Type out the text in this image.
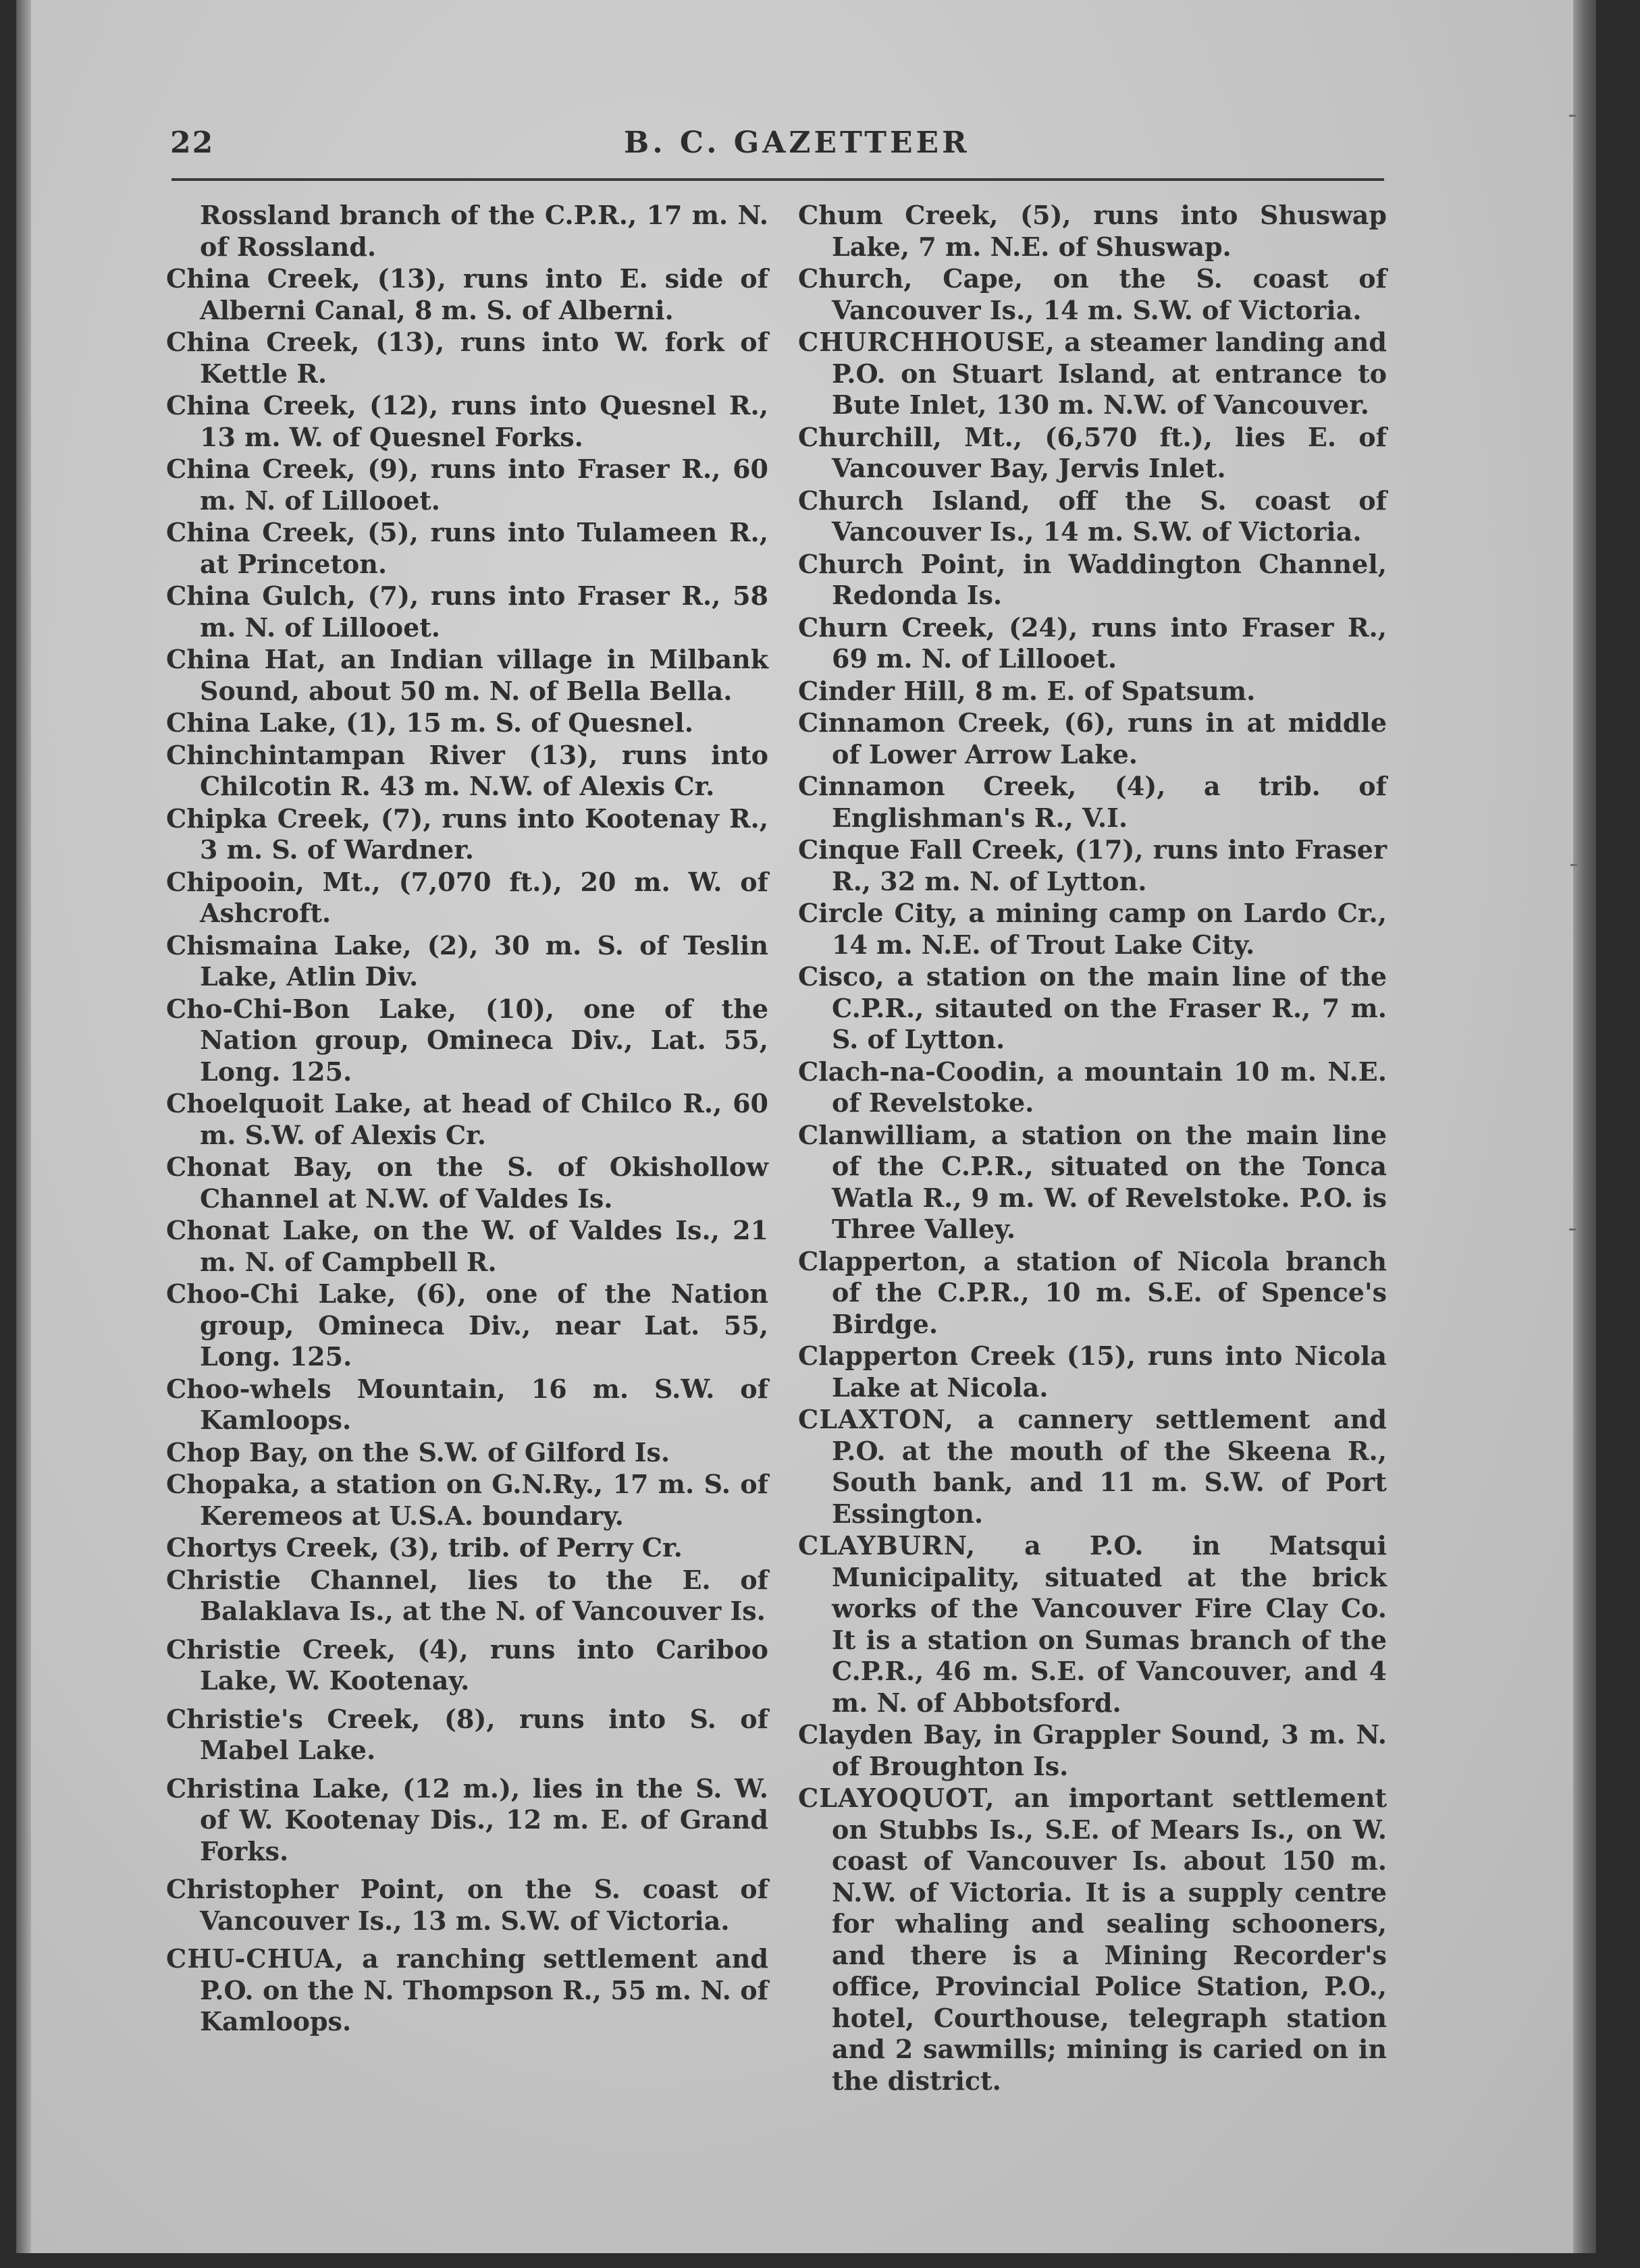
22	B. C. GAZETTEER

Rossland branch of the C.P.R., 17 m. N. of Rossland.

China Creek, (13), runs into E. side of Alberni Canal, 8 m. S. of Alberni.

China Creek, (13), runs into W. fork of Kettle R.

China Creek, (12), runs into Quesnel R., 13 m. W. of Quesnel Forks.

China Creek, (9), runs into Fraser R., 60 m. N. of Lillooet.

China Creek, (5), runs into Tulameen R., at Princeton.

China Gulch, (7), runs into Fraser R., 58 m. N. of Lillooet.

China Hat, an Indian village in Milbank Sound, about 50 m. N. of Bella Bella.

China Lake, (1), 15 m. S. of Quesnel.

Chinchintampan River (13), runs into Chilcotin R. 43 m. N.W. of Alexis Cr.

Chipka Creek, (7), runs into Kootenay R., 3 m. S. of Wardner.

Chipooin, Mt., (7,070 ft.), 20 m. W. of Ashcroft.

Chismaina Lake, (2), 30 m. S. of Teslin Lake, Atlin Div.

Cho-Chi-Bon Lake, (10), one of the Nation group, Omineca Div., Lat. 55, Long. 125.

Choelquoit Lake, at head of Chilco R., 60 m. S.W. of Alexis Cr.

Chonat Bay, on the S. of Okishollow Channel at N.W. of Valdes Is.

Chonat Lake, on the W. of Valdes Is., 21 m. N. of Campbell R.

Choo-Chi Lake, (6), one of the Nation group, Omineca Div., near Lat. 55, Long. 125.

Choo-whels Mountain, 16 m. S.W. of Kamloops.

Chop Bay, on the S.W. of Gilford Is.

Chopaka, a station on G.N.Ry., 17 m. S. of Keremeos at U.S.A. boundary.

Chortys Creek, (3), trib. of Perry Cr.

Christie Channel, lies to the E. of Balaklava Is., at the N. of Vancouver Is.

Christie Creek, (4), runs into Cariboo Lake, W. Kootenay.

Christie's Creek, (8), runs into S. of Mabel Lake.

Christina Lake, (12 m.), lies in the S. W. of W. Kootenay Dis., 12 m. E. of Grand Forks.

Christopher Point, on the S. coast of Vancouver Is., 13 m. S.W. of Victoria.

CHU-CHUA, a ranching settlement and P.O. on the N. Thompson R., 55 m. N. of Kamloops.

Chum Creek, (5), runs into Shuswap Lake, 7 m. N.E. of Shuswap.

Church, Cape, on the S. coast of Vancouver Is., 14 m. S.W. of Victoria.

CHURCHHOUSE, a steamer landing and P.O. on Stuart Island, at entrance to Bute Inlet, 130 m. N.W. of Vancouver.

Churchill, Mt., (6,570 ft.), lies E. of Vancouver Bay, Jervis Inlet.

Church Island, off the S. coast of Vancouver Is., 14 m. S.W. of Victoria.

Church Point, in Waddington Channel, Redonda Is.

Churn Creek, (24), runs into Fraser R., 69 m. N. of Lillooet.

Cinder Hill, 8 m. E. of Spatsum.

Cinnamon Creek, (6), runs in at middle of Lower Arrow Lake.

Cinnamon Creek, (4), a trib. of Englishman's R., V.I.

Cinque Fall Creek, (17), runs into Fraser R., 32 m. N. of Lytton.

Circle City, a mining camp on Lardo Cr., 14 m. N.E. of Trout Lake City.

Cisco, a station on the main line of the C.P.R., sitauted on the Fraser R., 7 m. S. of Lytton.

Clach-na-Coodin, a mountain 10 m. N.E. of Revelstoke.

Clanwilliam, a station on the main line of the C.P.R., situated on the Tonca Watla R., 9 m. W. of Revelstoke. P.O. is Three Valley.

Clapperton, a station of Nicola branch of the C.P.R., 10 m. S.E. of Spence's Birdge.

Clapperton Creek (15), runs into Nicola Lake at Nicola.

CLAXTON, a cannery settlement and P.O. at the mouth of the Skeena R., South bank, and 11 m. S.W. of Port Essington.

CLAYBURN, a P.O. in Matsqui Municipality, situated at the brick works of the Vancouver Fire Clay Co. It is a station on Sumas branch of the C.P.R., 46 m. S.E. of Vancouver, and 4 m. N. of Abbotsford.

Clayden Bay, in Grappler Sound, 3 m. N. of Broughton Is.

CLAYOQUOT, an important settlement on Stubbs Is., S.E. of Mears Is., on W. coast of Vancouver Is. about 150 m. N.W. of Victoria. It is a supply centre for whaling and sealing schooners, and there is a Mining Recorder's office, Provincial Police Station, P.O., hotel, Courthouse, telegraph station and 2 sawmills; mining is caried on in the district.
